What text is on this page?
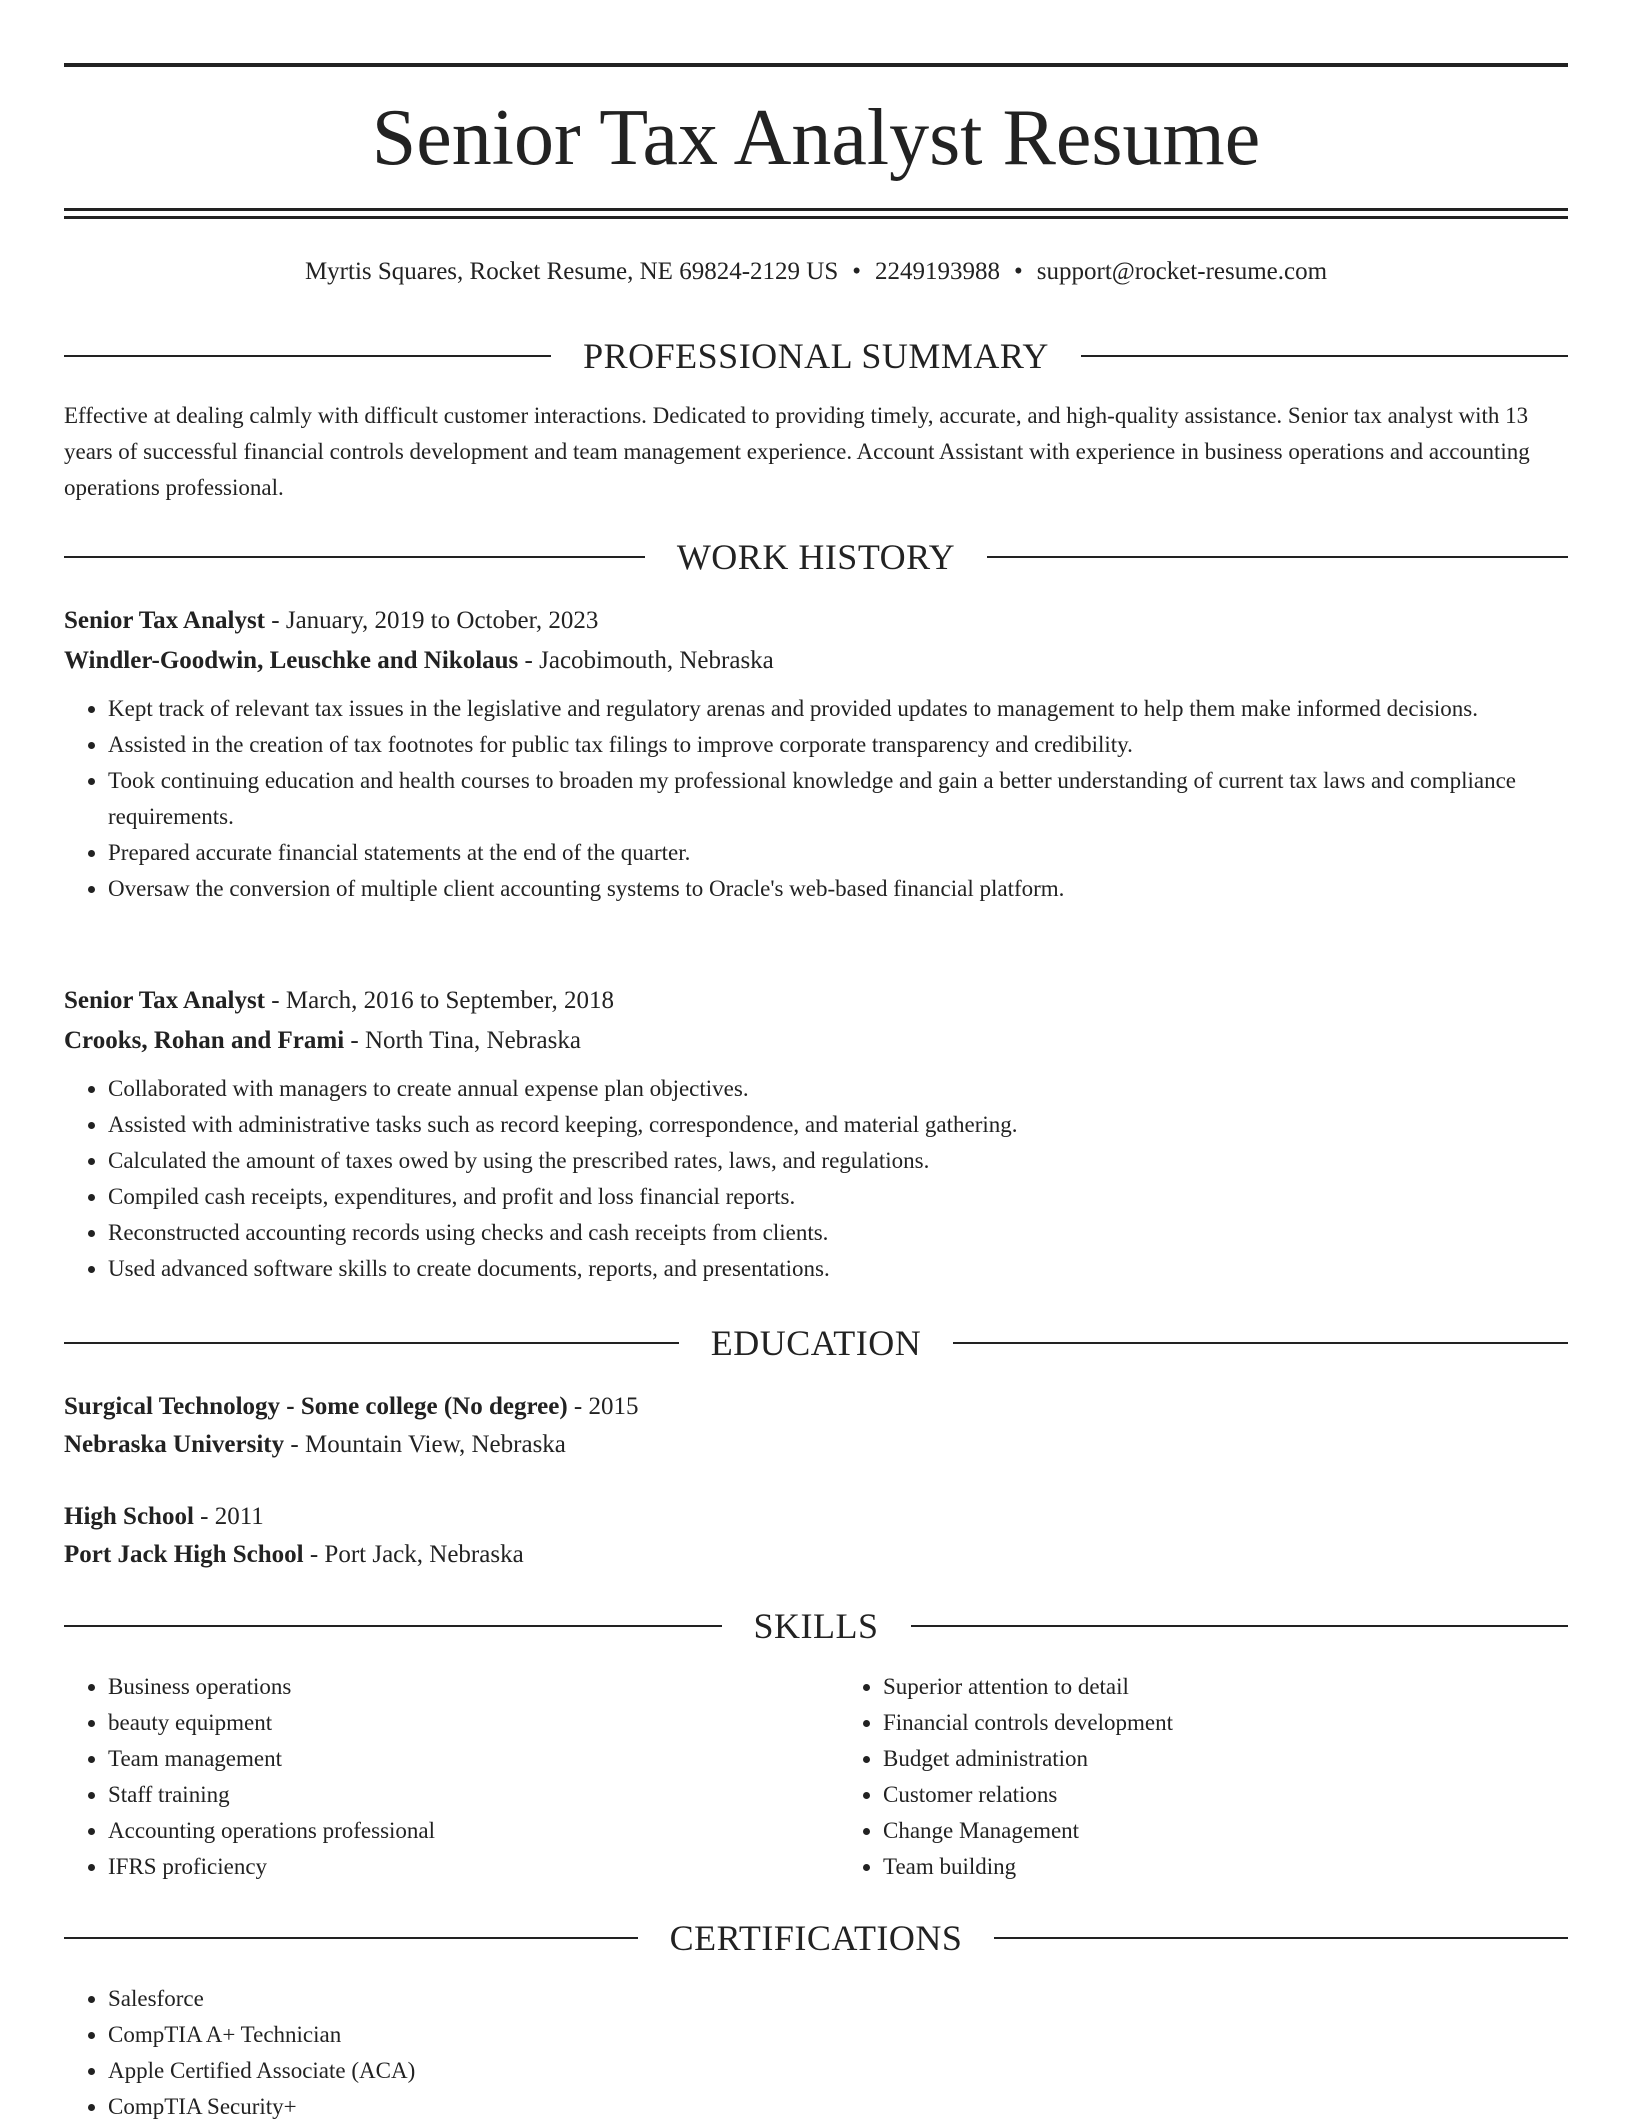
Senior Tax Analyst Resume
Myrtis Squares, Rocket Resume, NE 69824-2129 US • 2249193988 • support@rocket-resume.com
PROFESSIONAL SUMMARY

Effective at dealing calmly with difficult customer interactions. Dedicated to providing timely, accurate, and high-quality assistance. Senior tax analyst with 13 years of successful financial controls development and team management experience. Account Assistant with experience in business operations and accounting operations professional.

WORK HISTORY
Senior Tax Analyst - January, 2019 to October, 2023
Windler-Goodwin, Leuschke and Nikolaus - Jacobimouth, Nebraska
• Kept track of relevant tax issues in the legislative and regulatory arenas and provided updates to management to help them make informed decisions.
• Assisted in the creation of tax footnotes for public tax filings to improve corporate transparency and credibility.
• Took continuing education and health courses to broaden my professional knowledge and gain a better understanding of current tax laws and compliance requirements.
• Prepared accurate financial statements at the end of the quarter.
• Oversaw the conversion of multiple client accounting systems to Oracle's web-based financial platform.
Senior Tax Analyst - March, 2016 to September, 2018
Crooks, Rohan and Frami - North Tina, Nebraska
• Collaborated with managers to create annual expense plan objectives.
• Assisted with administrative tasks such as record keeping, correspondence, and material gathering.
• Calculated the amount of taxes owed by using the prescribed rates, laws, and regulations.
• Compiled cash receipts, expenditures, and profit and loss financial reports.
• Reconstructed accounting records using checks and cash receipts from clients.
• Used advanced software skills to create documents, reports, and presentations.
EDUCATION
Surgical Technology - Some college (No degree) - 2015
Nebraska University - Mountain View, Nebraska
High School - 2011
Port Jack High School - Port Jack, Nebraska
SKILLS
• Business operations
• beauty equipment
• Team management
• Staff training
• Accounting operations professional
• IFRS proficiency
• Superior attention to detail
• Financial controls development
• Budget administration
• Customer relations
• Change Management
• Team building
CERTIFICATIONS
• Salesforce
• CompTIA A+ Technician
• Apple Certified Associate (ACA)
• CompTIA Security+
